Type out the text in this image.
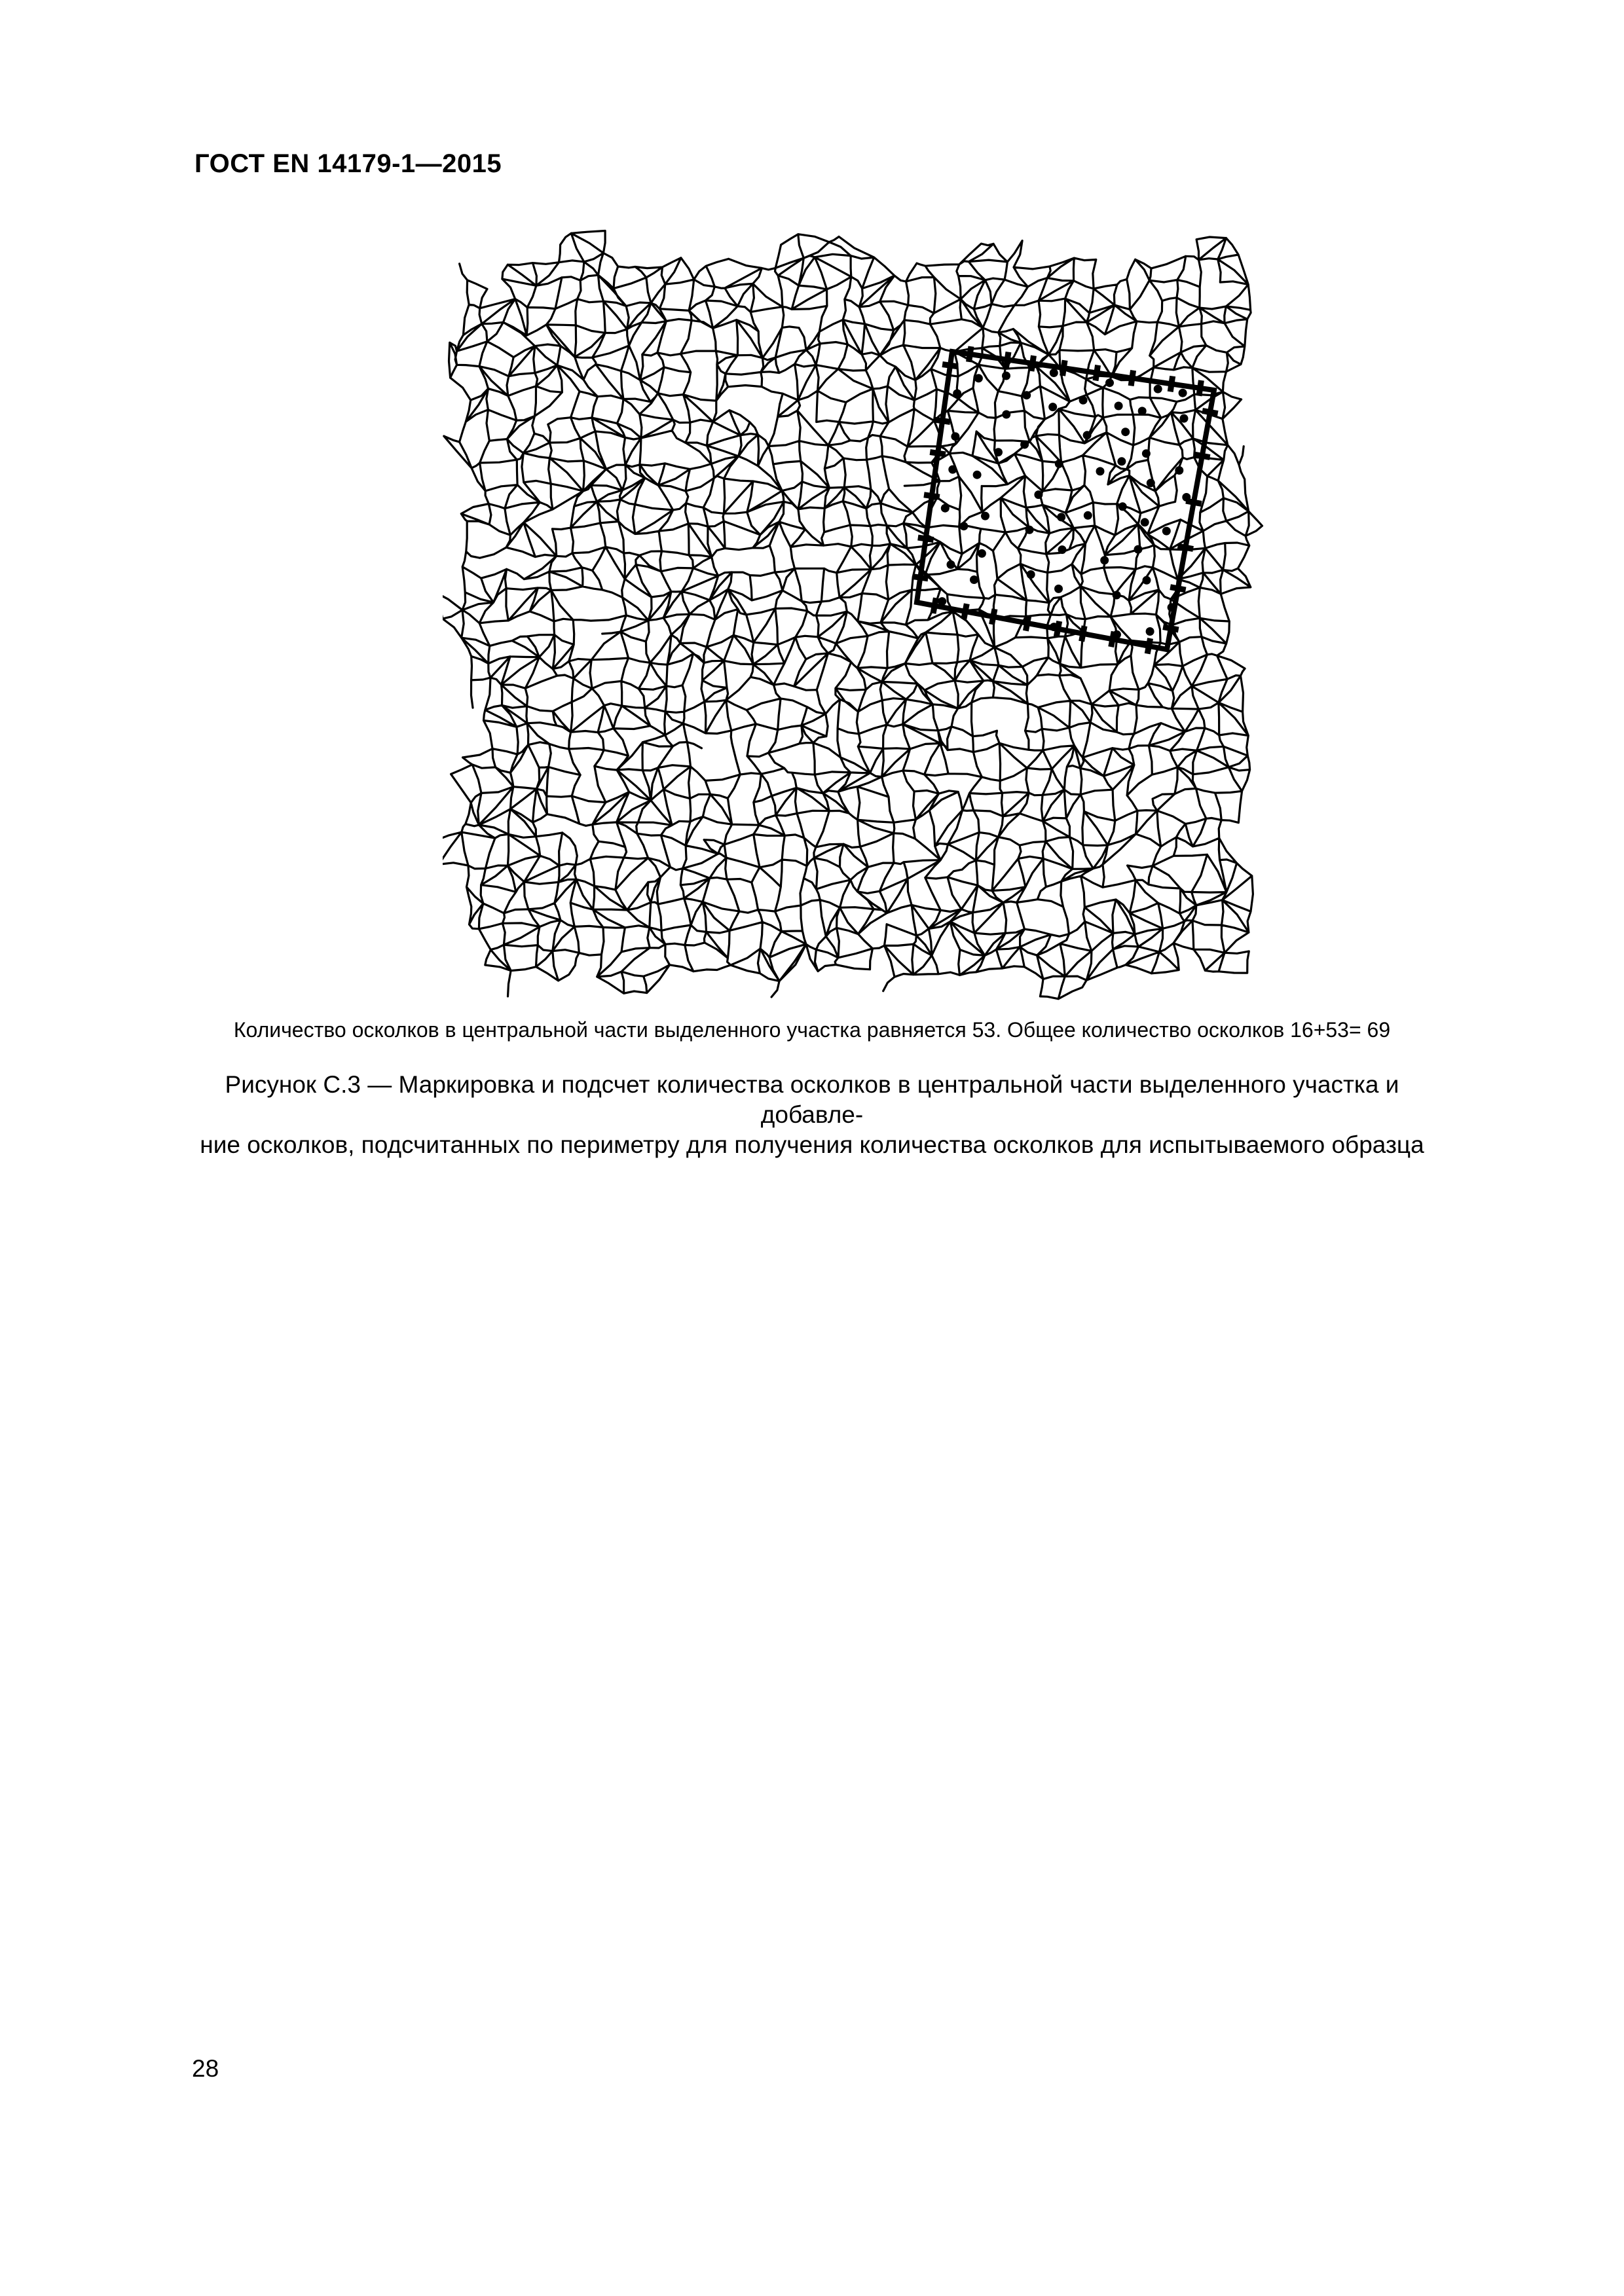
ГОСТ EN 14179-1—2015
Количество осколков в центральной части выделенного участка равняется 53. Общее количество осколков 16+53= 69
Рисунок С.3 — Маркировка и подсчет количества осколков в центральной части выделенного участка и добавле-
ние осколков, подсчитанных по периметру для получения количества осколков для испытываемого образца
28
